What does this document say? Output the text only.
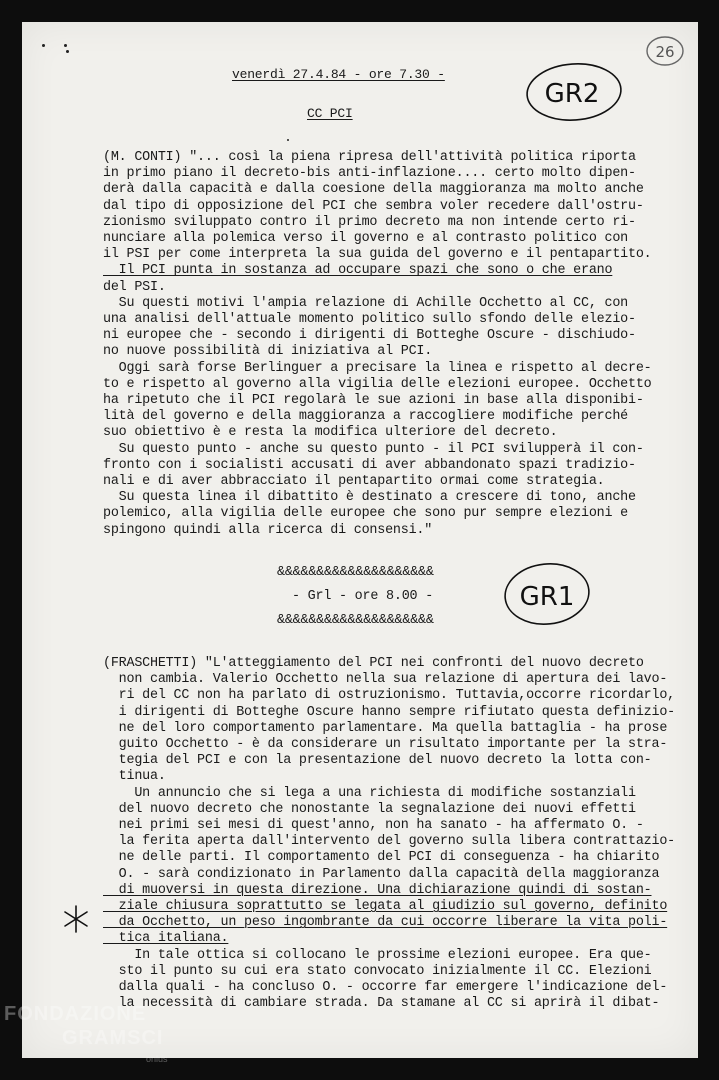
venerdì 27.4.84 - ore 7.30 -
CC PCI
26
GR2
(M. CONTI) "... così la piena ripresa dell'attività politica riporta
in primo piano il decreto-bis anti-inflazione.... certo molto dipen-
derà dalla capacità e dalla coesione della maggioranza ma molto anche
dal tipo di opposizione del PCI che sembra voler recedere dall'ostru-
zionismo sviluppato contro il primo decreto ma non intende certo ri-
nunciare alla polemica verso il governo e al contrasto politico con
il PSI per come interpreta la sua guida del governo e il pentapartito.
Il PCI punta in sostanza ad occupare spazi che sono o che erano
del PSI.
Su questi motivi l'ampia relazione di Achille Occhetto al CC, con
una analisi dell'attuale momento politico sullo sfondo delle elezio-
ni europee che - secondo i dirigenti di Botteghe Oscure - dischiudo-
no nuove possibilità di iniziativa al PCI.
Oggi sarà forse Berlinguer a precisare la linea e rispetto al decre-
to e rispetto al governo alla vigilia delle elezioni europee. Occhetto
ha ripetuto che il PCI regolarà le sue azioni in base alla disponibi-
lità del governo e della maggioranza a raccogliere modifiche perché
suo obiettivo è e resta la modifica ulteriore del decreto.
Su questo punto - anche su questo punto - il PCI svilupperà il con-
fronto con i socialisti accusati di aver abbandonato spazi tradizio-
nali e di aver abbracciato il pentapartito ormai come strategia.
Su questa linea il dibattito è destinato a crescere di tono, anche
polemico, alla vigilia delle europee che sono pur sempre elezioni e
spingono quindi alla ricerca di consensi."
&&&&&&&&&&&&&&&&&&&&
- Grl - ore 8.00 -
&&&&&&&&&&&&&&&&&&&&
GR1
(FRASCHETTI) "L'atteggiamento del PCI nei confronti del nuovo decreto
non cambia. Valerio Occhetto nella sua relazione di apertura dei lavo-
ri del CC non ha parlato di ostruzionismo. Tuttavia,occorre ricordarlo,
i dirigenti di Botteghe Oscure hanno sempre rifiutato questa definizio-
ne del loro comportamento parlamentare. Ma quella battaglia - ha prose
guito Occhetto - è da considerare un risultato importante per la stra-
tegia del PCI e con la presentazione del nuovo decreto la lotta con-
tinua.
Un annuncio che si lega a una richiesta di modifiche sostanziali
del nuovo decreto che nonostante la segnalazione dei nuovi effetti
nei primi sei mesi di quest'anno, non ha sanato - ha affermato O. -
la ferita aperta dall'intervento del governo sulla libera contrattazio-
ne delle parti. Il comportamento del PCI di conseguenza - ha chiarito
O. - sarà condizionato in Parlamento dalla capacità della maggioranza
di muoversi in questa direzione. Una dichiarazione quindi di sostan-
ziale chiusura soprattutto se legata al giudizio sul governo, definito
da Occhetto, un peso ingombrante da cui occorre liberare la vita poli-
tica italiana.
In tale ottica si collocano le prossime elezioni europee. Era que-
sto il punto su cui era stato convocato inizialmente il CC. Elezioni
dalla quali - ha concluso O. - occorre far emergere l'indicazione del-
la necessità di cambiare strada. Da stamane al CC si aprirà il dibat-
FONDAZIONE
GRAMSCI
onlus
